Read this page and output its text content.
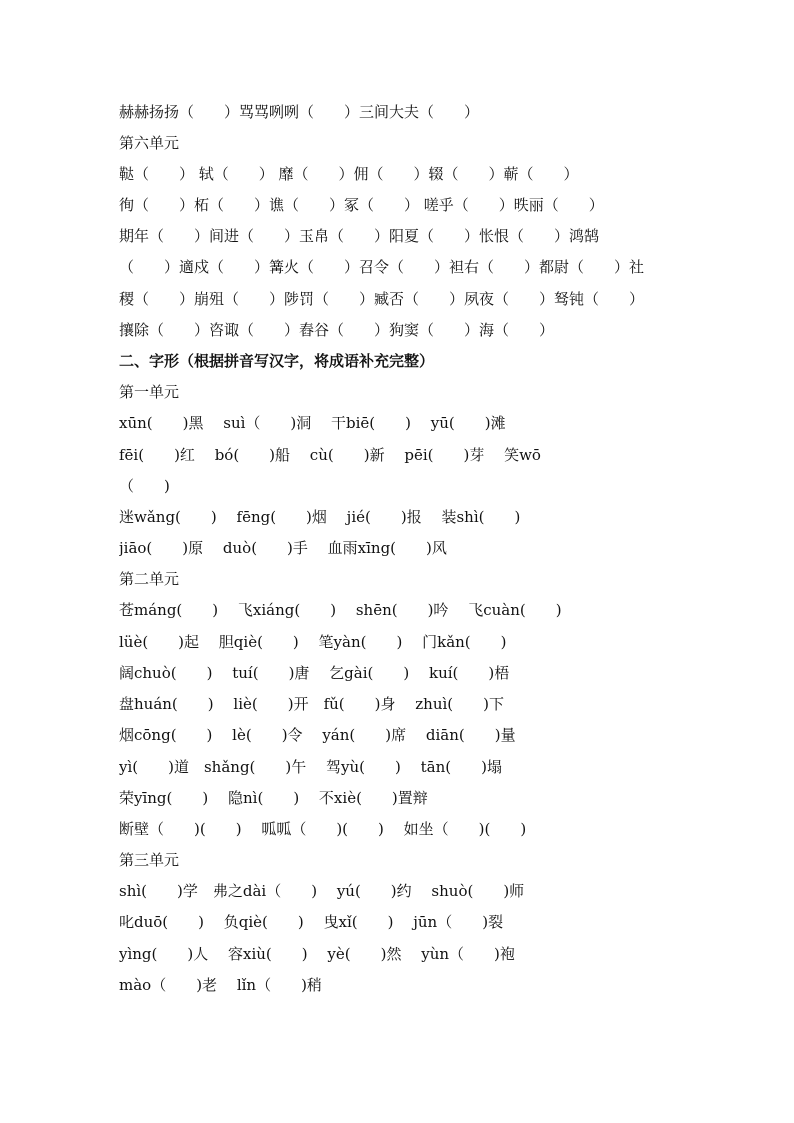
赫赫扬扬（　　）骂骂咧咧（　　）三间大夫（　　）
第六单元
鞑（　　） 轼（　　） 靡（　　）佣（　　）辍（　　）蕲（　　）
徇（　　）柘（　　）谯（　　）冢（　　） 嗟乎（　　）昳丽（　　）
期年（　　）间进（　　）玉帛（　　）阳夏（　　）怅恨（　　）鸿鹄
（　　）適戍（　　）篝火（　　）召令（　　）袒右（　　）都尉（　　）社
稷（　　）崩殂（　　）陟罚（　　）臧否（　　）夙夜（　　）驽钝（　　）
攘除（　　）咨诹（　　）舂谷（　　）狗窦（　　）海（　　）
二、字形（根据拼音写汉字，将成语补充完整）
第一单元
xūn(　　)黑　 suì（　　)洞　 干biē(　　)　 yū(　　)滩
fēi(　　)红　 bó(　　)船　 cù(　　)新　 pēi(　　)芽　 笑wō
（　　)
迷wǎng(　　)　 fēng(　　)烟　 jié(　　)报　 装shì(　　)
jiāo(　　)原　 duò(　　)手　 血雨xīng(　　)风
第二单元
苍máng(　　)　 飞xiáng(　　)　 shēn(　　)吟　 飞cuàn(　　)
lüè(　　)起　 胆qiè(　　)　 笔yàn(　　)　 门kǎn(　　)
阔chuò(　　)　 tuí(　　)唐　 乞gài(　　)　 kuí(　　)梧
盘huán(　　)　 liè(　　)开　fǔ(　　)身　 zhuì(　　)下
烟cōng(　　)　 lè(　　)令　 yán(　　)席　 diān(　　)量
yì(　　)道　shǎng(　　)午　 驾yù(　　)　 tān(　　)塌
荣yīng(　　)　 隐nì(　　)　 不xiè(　　)置辩
断壁（　　)(　　)　 呱呱（　　)(　　)　 如坐（　　)(　　)
第三单元
shì(　　)学　弗之dài（　　)　 yú(　　)约　 shuò(　　)师
叱duō(　　)　 负qiè(　　)　 曳xǐ(　　)　 jūn（　　)裂
yìng(　　)人　 容xiù(　　)　 yè(　　)然　 yùn（　　)袍
mào（　　)老　 lǐn（　　)稍
